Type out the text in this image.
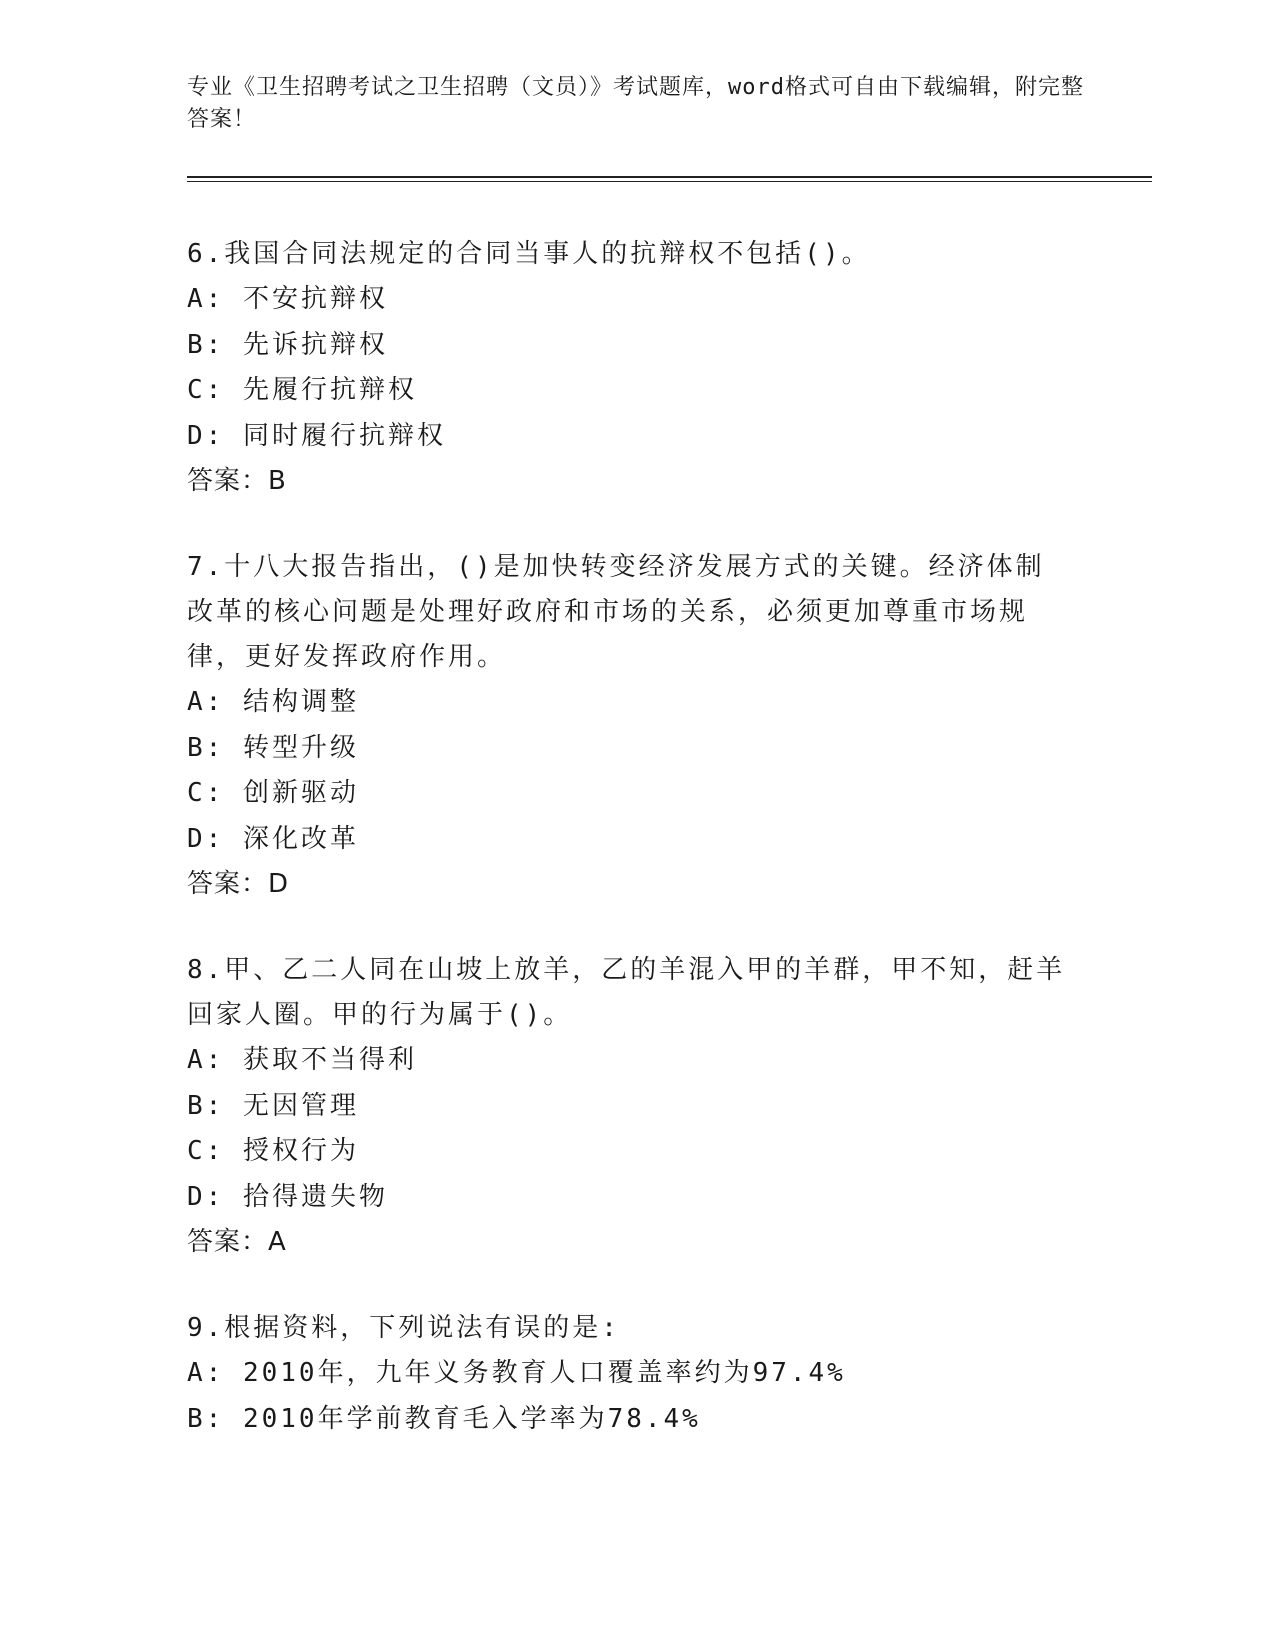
专业《卫生招聘考试之卫生招聘（文员）》考试题库，word格式可自由下载编辑，附完整答案！

6.我国合同法规定的合同当事人的抗辩权不包括()。

A: 不安抗辩权

B: 先诉抗辩权

C: 先履行抗辩权

D: 同时履行抗辩权

答案：B

7.十八大报告指出，()是加快转变经济发展方式的关键。经济体制改革的核心问题是处理好政府和市场的关系，必须更加尊重市场规律，更好发挥政府作用。

A: 结构调整

B: 转型升级

C: 创新驱动

D: 深化改革

答案：D

8.甲、乙二人同在山坡上放羊，乙的羊混入甲的羊群，甲不知，赶羊回家人圈。甲的行为属于()。

A: 获取不当得利

B: 无因管理

C: 授权行为

D: 拾得遗失物

答案：A

9.根据资料，下列说法有误的是:

A: 2010年，九年义务教育人口覆盖率约为97.4%

B: 2010年学前教育毛入学率为78.4%
